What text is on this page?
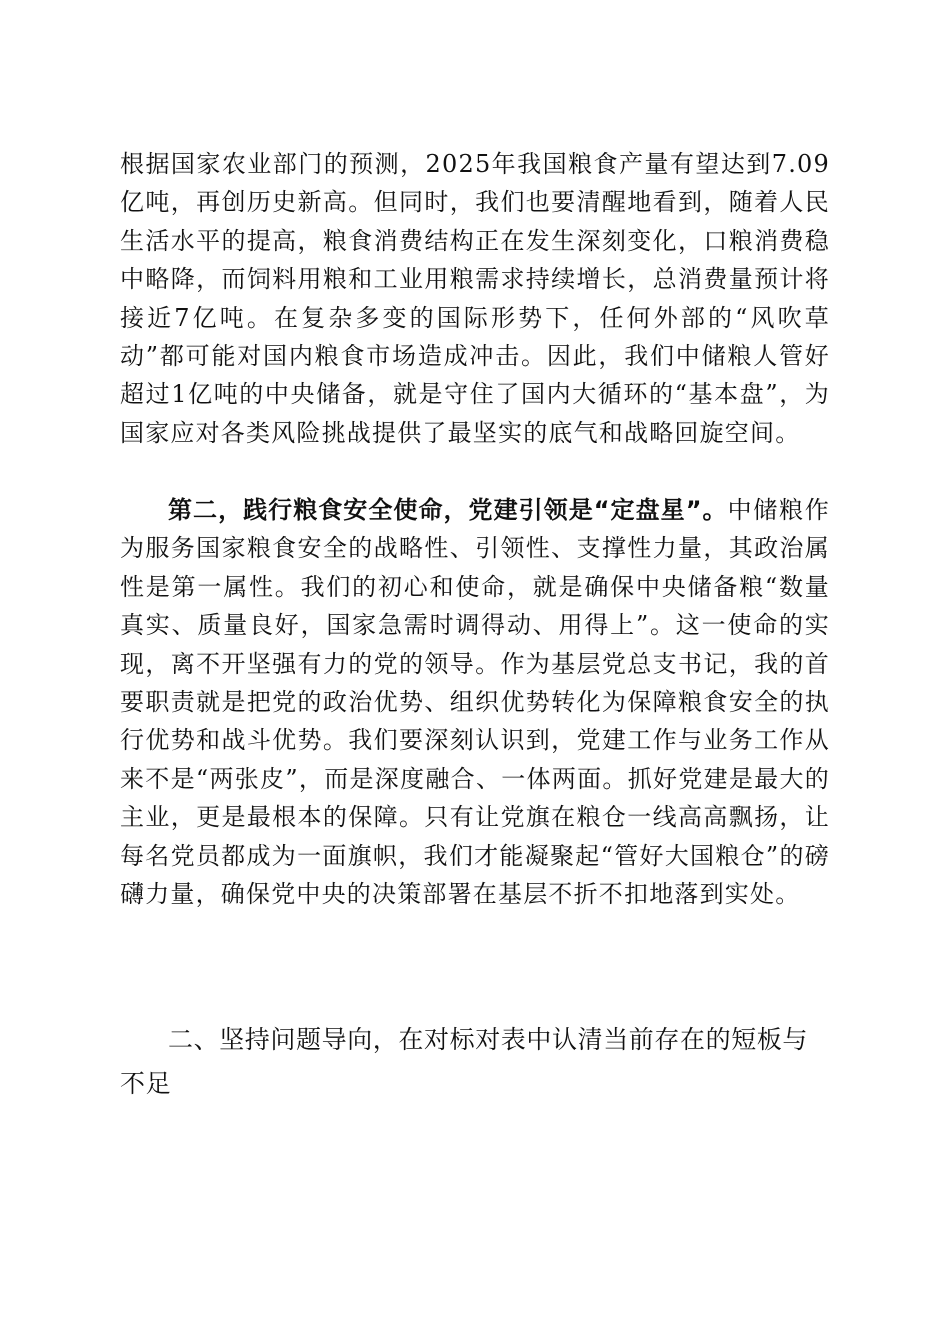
根据国家农业部门的预测，2025年我国粮食产量有望达到7.09亿吨，再创历史新高。但同时，我们也要清醒地看到，随着人民生活水平的提高，粮食消费结构正在发生深刻变化，口粮消费稳中略降，而饲料用粮和工业用粮需求持续增长，总消费量预计将接近7亿吨。在复杂多变的国际形势下，任何外部的“风吹草动”都可能对国内粮食市场造成冲击。因此，我们中储粮人管好超过1亿吨的中央储备，就是守住了国内大循环的“基本盘”，为国家应对各类风险挑战提供了最坚实的底气和战略回旋空间。

第二，践行粮食安全使命，党建引领是“定盘星”。中储粮作为服务国家粮食安全的战略性、引领性、支撑性力量，其政治属性是第一属性。我们的初心和使命，就是确保中央储备粮“数量真实、质量良好，国家急需时调得动、用得上”。这一使命的实现，离不开坚强有力的党的领导。作为基层党总支书记，我的首要职责就是把党的政治优势、组织优势转化为保障粮食安全的执行优势和战斗优势。我们要深刻认识到，党建工作与业务工作从来不是“两张皮”，而是深度融合、一体两面。抓好党建是最大的主业，更是最根本的保障。只有让党旗在粮仓一线高高飘扬，让每名党员都成为一面旗帜，我们才能凝聚起“管好大国粮仓”的磅礴力量，确保党中央的决策部署在基层不折不扣地落到实处。

二、坚持问题导向，在对标对表中认清当前存在的短板与不足
